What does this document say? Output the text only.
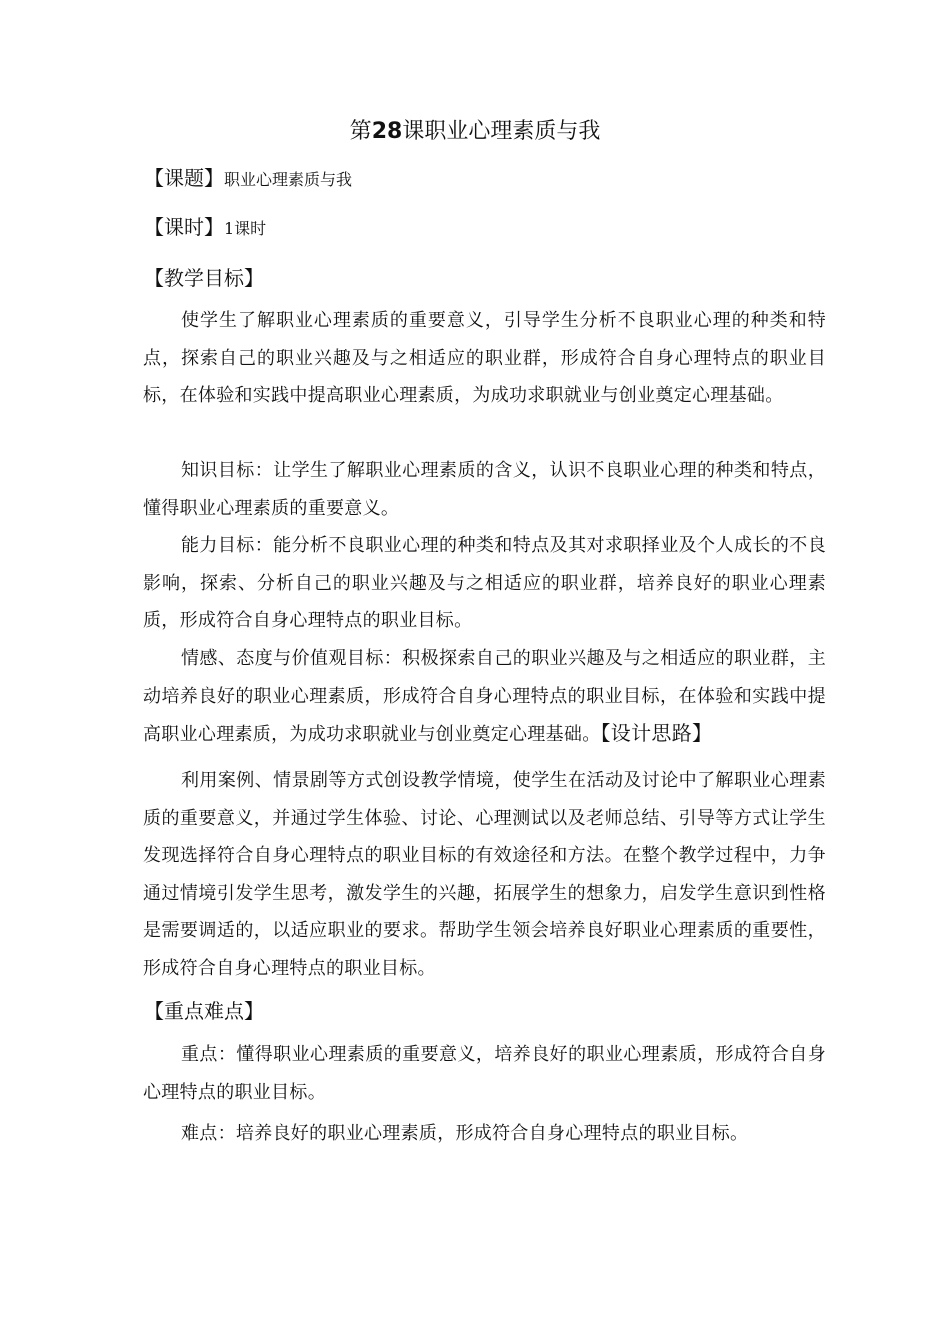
第28课职业心理素质与我
【课题】职业心理素质与我
【课时】1课时
【教学目标】
使学生了解职业心理素质的重要意义，引导学生分析不良职业心理的种类和特点，探索自己的职业兴趣及与之相适应的职业群，形成符合自身心理特点的职业目标，在体验和实践中提高职业心理素质，为成功求职就业与创业奠定心理基础。
知识目标：让学生了解职业心理素质的含义，认识不良职业心理的种类和特点，懂得职业心理素质的重要意义。
能力目标：能分析不良职业心理的种类和特点及其对求职择业及个人成长的不良影响，探索、分析自己的职业兴趣及与之相适应的职业群，培养良好的职业心理素质，形成符合自身心理特点的职业目标。
情感、态度与价值观目标：积极探索自己的职业兴趣及与之相适应的职业群，主动培养良好的职业心理素质，形成符合自身心理特点的职业目标，在体验和实践中提高职业心理素质，为成功求职就业与创业奠定心理基础。【设计思路】
利用案例、情景剧等方式创设教学情境，使学生在活动及讨论中了解职业心理素质的重要意义，并通过学生体验、讨论、心理测试以及老师总结、引导等方式让学生发现选择符合自身心理特点的职业目标的有效途径和方法。在整个教学过程中，力争通过情境引发学生思考，激发学生的兴趣，拓展学生的想象力，启发学生意识到性格是需要调适的，以适应职业的要求。帮助学生领会培养良好职业心理素质的重要性，形成符合自身心理特点的职业目标。
【重点难点】
重点：懂得职业心理素质的重要意义，培养良好的职业心理素质，形成符合自身心理特点的职业目标。
难点：培养良好的职业心理素质，形成符合自身心理特点的职业目标。
